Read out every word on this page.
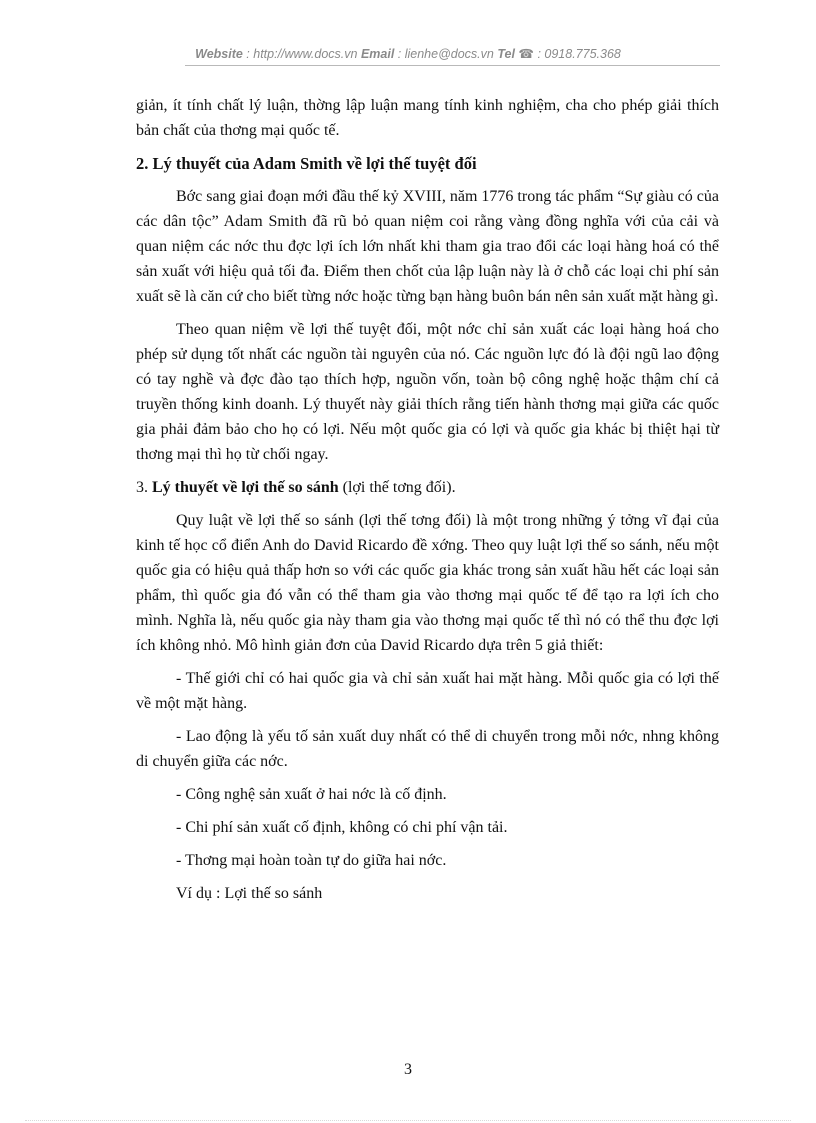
Website : http://www.docs.vn Email : lienhe@docs.vn Tel ☎ : 0918.775.368

giản, ít tính chất lý luận, thờng lập luận mang tính kinh nghiệm, cha cho phép giải thích bản chất của thơng mại quốc tế.

2. Lý thuyết của Adam Smith về lợi thế tuyệt đối

Bớc sang giai đoạn mới đầu thế kỷ XVIII, năm 1776 trong tác phẩm “Sự giàu có của các dân tộc” Adam Smith đã rũ bỏ quan niệm coi rằng vàng đồng nghĩa với của cải và quan niệm các nớc thu đợc lợi ích lớn nhất khi tham gia trao đổi các loại hàng hoá có thể sản xuất với hiệu quả tối đa. Điểm then chốt của lập luận này là ở chỗ các loại chi phí sản xuất sẽ là căn cứ cho biết từng nớc hoặc từng bạn hàng buôn bán nên sản xuất mặt hàng gì.

Theo quan niệm về lợi thế tuyệt đối, một nớc chỉ sản xuất các loại hàng hoá cho phép sử dụng tốt nhất các nguồn tài nguyên của nó. Các nguồn lực đó là đội ngũ lao động có tay nghề và đợc đào tạo thích hợp, nguồn vốn, toàn bộ công nghệ hoặc thậm chí cả truyền thống kinh doanh. Lý thuyết này giải thích rằng tiến hành thơng mại giữa các quốc gia phải đảm bảo cho họ có lợi. Nếu một quốc gia có lợi và quốc gia khác bị thiệt hại từ thơng mại thì họ từ chối ngay.

3. Lý thuyết về lợi thế so sánh (lợi thế tơng đối).

Quy luật về lợi thế so sánh (lợi thế tơng đối) là một trong những ý tởng vĩ đại của kinh tế học cổ điển Anh do David Ricardo đề xớng. Theo quy luật lợi thế so sánh, nếu một quốc gia có hiệu quả thấp hơn so với các quốc gia khác trong sản xuất hầu hết các loại sản phẩm, thì quốc gia đó vẫn có thể tham gia vào thơng mại quốc tế để tạo ra lợi ích cho mình. Nghĩa là, nếu quốc gia này tham gia vào thơng mại quốc tế thì nó có thể thu đợc lợi ích không nhỏ. Mô hình giản đơn của David Ricardo dựa trên 5 giả thiết:

- Thế giới chỉ có hai quốc gia và chỉ sản xuất hai mặt hàng. Mỗi quốc gia có lợi thế về một mặt hàng.

- Lao động là yếu tố sản xuất duy nhất có thể di chuyển trong mỗi nớc, nhng không di chuyển giữa các nớc.

- Công nghệ sản xuất ở hai nớc là cố định.

- Chi phí sản xuất cố định, không có chi phí vận tải.

- Thơng mại hoàn toàn tự do giữa hai nớc.

Ví dụ : Lợi thế so sánh

3
